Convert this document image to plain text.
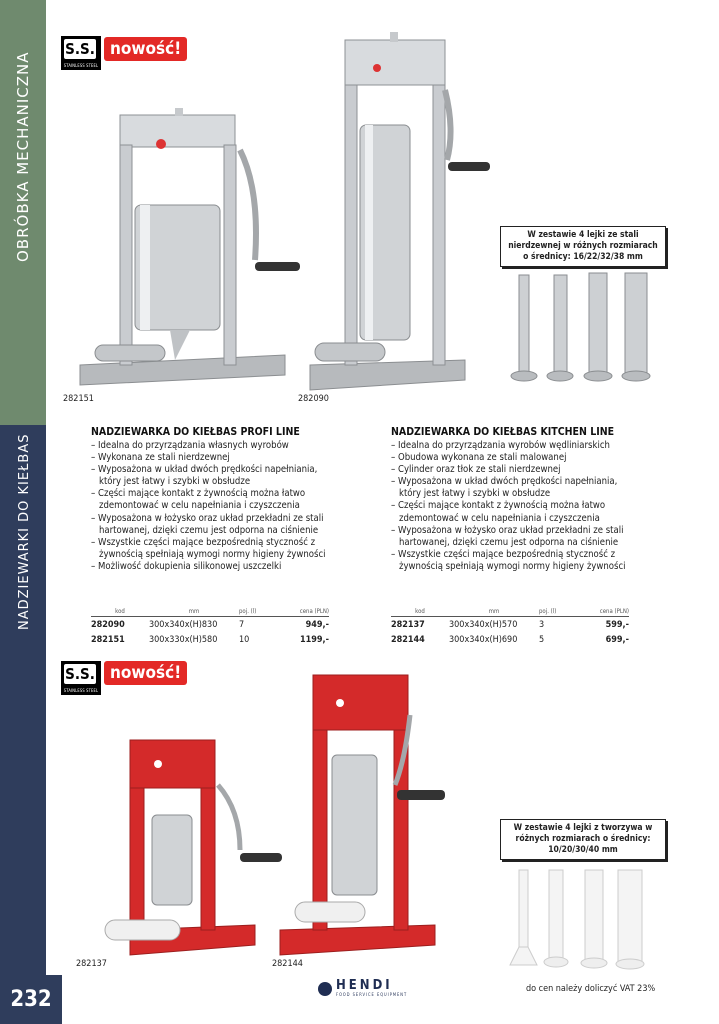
OBRÓBKA MECHANICZNA
NADZIEWARKI DO KIEŁBAS
232
S.S.
STAINLESS STEEL
nowość!
282151	282090
W zestawie 4 lejki ze stali nierdzewnej w różnych rozmiarach o średnicy: 16/22/32/38 mm
NADZIEWARKA DO KIEŁBAS PROFI LINE
– Idealna do przyrządzania własnych wyrobów
– Wykonana ze stali nierdzewnej
– Wyposażona w układ dwóch prędkości napełniania, który jest łatwy i szybki w obsłudze
– Części mające kontakt z żywnością można łatwo zdemontować w celu napełniania i czyszczenia
– Wyposażona w łożysko oraz układ przekładni ze stali hartowanej, dzięki czemu jest odporna na ciśnienie
– Wszystkie części mające bezpośrednią styczność z żywnością spełniają wymogi normy higieny żywności
– Możliwość dokupienia silikonowej uszczelki
kod	mm	poj. (l)	cena (PLN)
282090	300x340x(H)830	7	949,-
282151	300x330x(H)580	10	1199,-
NADZIEWARKA DO KIEŁBAS KITCHEN LINE
– Idealna do przyrządzania wyrobów wędliniarskich
– Obudowa wykonana ze stali malowanej
– Cylinder oraz tłok ze stali nierdzewnej
– Wyposażona w układ dwóch prędkości napełniania, który jest łatwy i szybki w obsłudze
– Części mające kontakt z żywnością można łatwo zdemontować w celu napełniania i czyszczenia
– Wyposażona w łożysko oraz układ przekładni ze stali hartowanej, dzięki czemu jest odporna na ciśnienie
– Wszystkie części mające bezpośrednią styczność z żywnością spełniają wymogi normy higieny żywności
kod	mm	poj. (l)	cena (PLN)
282137	300x340x(H)570	3	599,-
282144	300x340x(H)690	5	699,-
S.S.
STAINLESS STEEL
nowość!
282137	282144
W zestawie 4 lejki z tworzywa w różnych rozmiarach o średnicy: 10/20/30/40 mm
HENDI
FOOD SERVICE EQUIPMENT
do cen należy doliczyć VAT 23%
